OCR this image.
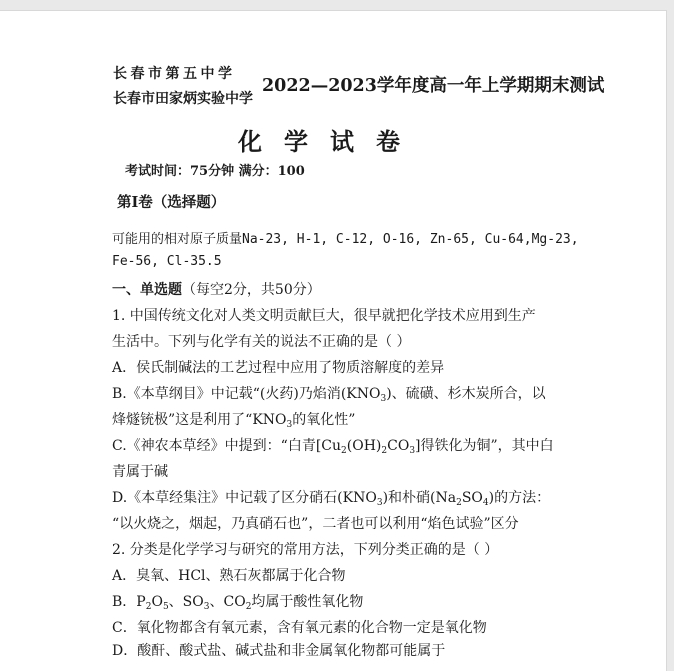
长春市第五中学
长春市田家炳实验中学
2022—2023学年度高一年上学期期末测试
化学试卷
考试时间：75分钟 满分：100
第Ⅰ卷（选择题）
可能用的相对原子质量Na-23, H-1, C-12, O-16, Zn-65, Cu-64,Mg-23,
Fe-56, Cl-35.5
一、单选题（每空2分，共50分）
1. 中国传统文化对人类文明贡献巨大，很早就把化学技术应用到生产
生活中。下列与化学有关的说法不正确的是（ ）
A．侯氏制碱法的工艺过程中应用了物质溶解度的差异
B.《本草纲目》中记载“(火药)乃焰消$(KNO_3)$、硫磺、杉木炭所合，以
烽燧铳极”这是利用了“$KNO_3$的氧化性”
C.《神农本草经》中提到：“白青$[Cu_2(OH)_2CO_3]$得铁化为铜”，其中白
青属于碱
D.《本草经集注》中记载了区分硝石$(KNO_3)$和朴硝$(Na_2SO_4)$的方法：
“以火烧之，烟起，乃真硝石也”，二者也可以利用“焰色试验”区分
2. 分类是化学学习与研究的常用方法，下列分类正确的是（ ）
A．臭氧、HCl、熟石灰都属于化合物
B．$P_2O_5$、$SO_3$、$CO_2$均属于酸性氧化物
C．氧化物都含有氧元素，含有氧元素的化合物一定是氧化物
D．酸酐、酸式盐、碱式盐和非金属氧化物都可能属于
